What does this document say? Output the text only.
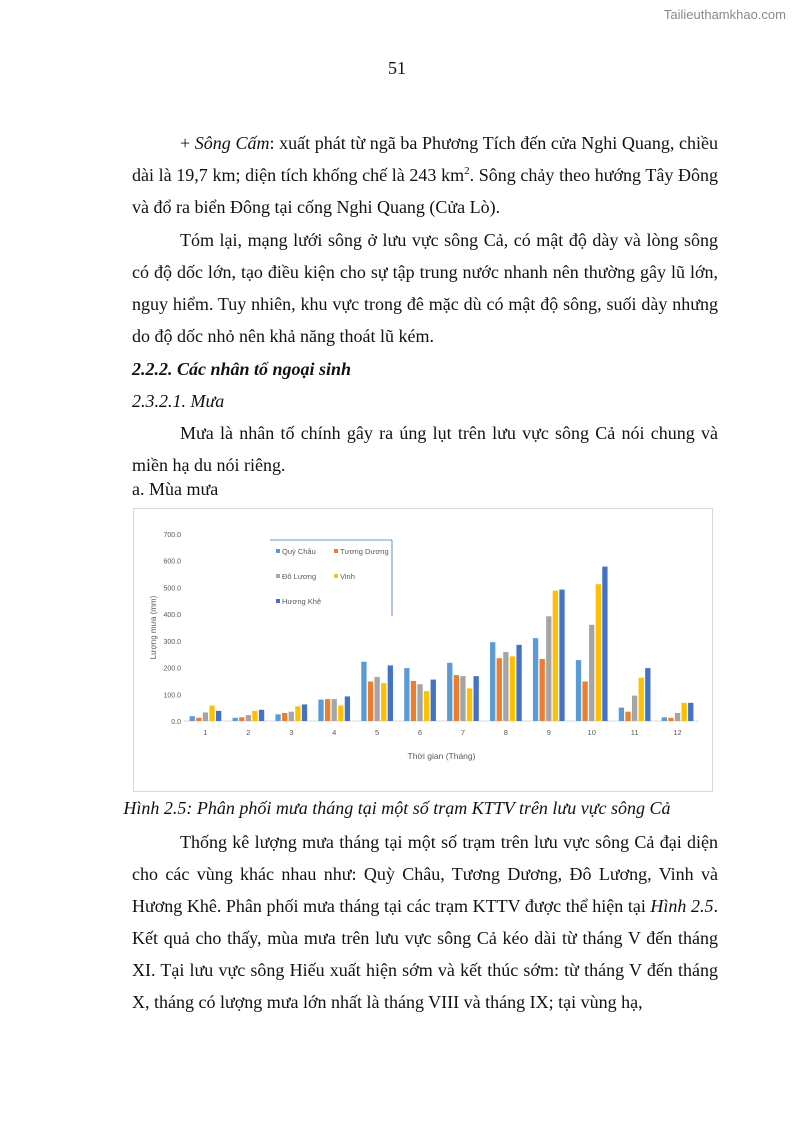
Tailieuthamkhao.com
51

+ Sông Cấm: xuất phát từ ngã ba Phương Tích đến cửa Nghi Quang, chiều dài là 19,7 km; diện tích khống chế là 243 $km^2$. Sông chảy theo hướng Tây Đông và đổ ra biển Đông tại cống Nghi Quang (Cửa Lò).

Tóm lại, mạng lưới sông ở lưu vực sông Cả, có mật độ dày và lòng sông có độ dốc lớn, tạo điều kiện cho sự tập trung nước nhanh nên thường gây lũ lớn, nguy hiểm. Tuy nhiên, khu vực trong đê mặc dù có mật độ sông, suối dày nhưng do độ dốc nhỏ nên khả năng thoát lũ kém.

2.2.2. Các nhân tố ngoại sinh

2.3.2.1. Mưa

Mưa là nhân tố chính gây ra úng lụt trên lưu vực sông Cả nói chung và miền hạ du nói riêng.

a. Mùa mưa

0.0
100.0
200.0
300.0
400.0
500.0
600.0
700.0
1	2	3	4	5	6	7	8	9	10	11	12
Lượng mưa (mm)
Thời gian (Tháng)
Quỳ Châu	Tương Dương
Đô Lương	Vinh
Hương Khê
Hình 2.5: Phân phối mưa tháng tại một số trạm KTTV trên lưu vực sông Cả

Thống kê lượng mưa tháng tại một số trạm trên lưu vực sông Cả đại diện cho các vùng khác nhau như: Quỳ Châu, Tương Dương, Đô Lương, Vinh và Hương Khê. Phân phối mưa tháng tại các trạm KTTV được thể hiện tại Hình 2.5. Kết quả cho thấy, mùa mưa trên lưu vực sông Cả kéo dài từ tháng V đến tháng XI. Tại lưu vực sông Hiếu xuất hiện sớm và kết thúc sớm: từ tháng V đến tháng X, tháng có lượng mưa lớn nhất là tháng VIII và tháng IX; tại vùng hạ,
